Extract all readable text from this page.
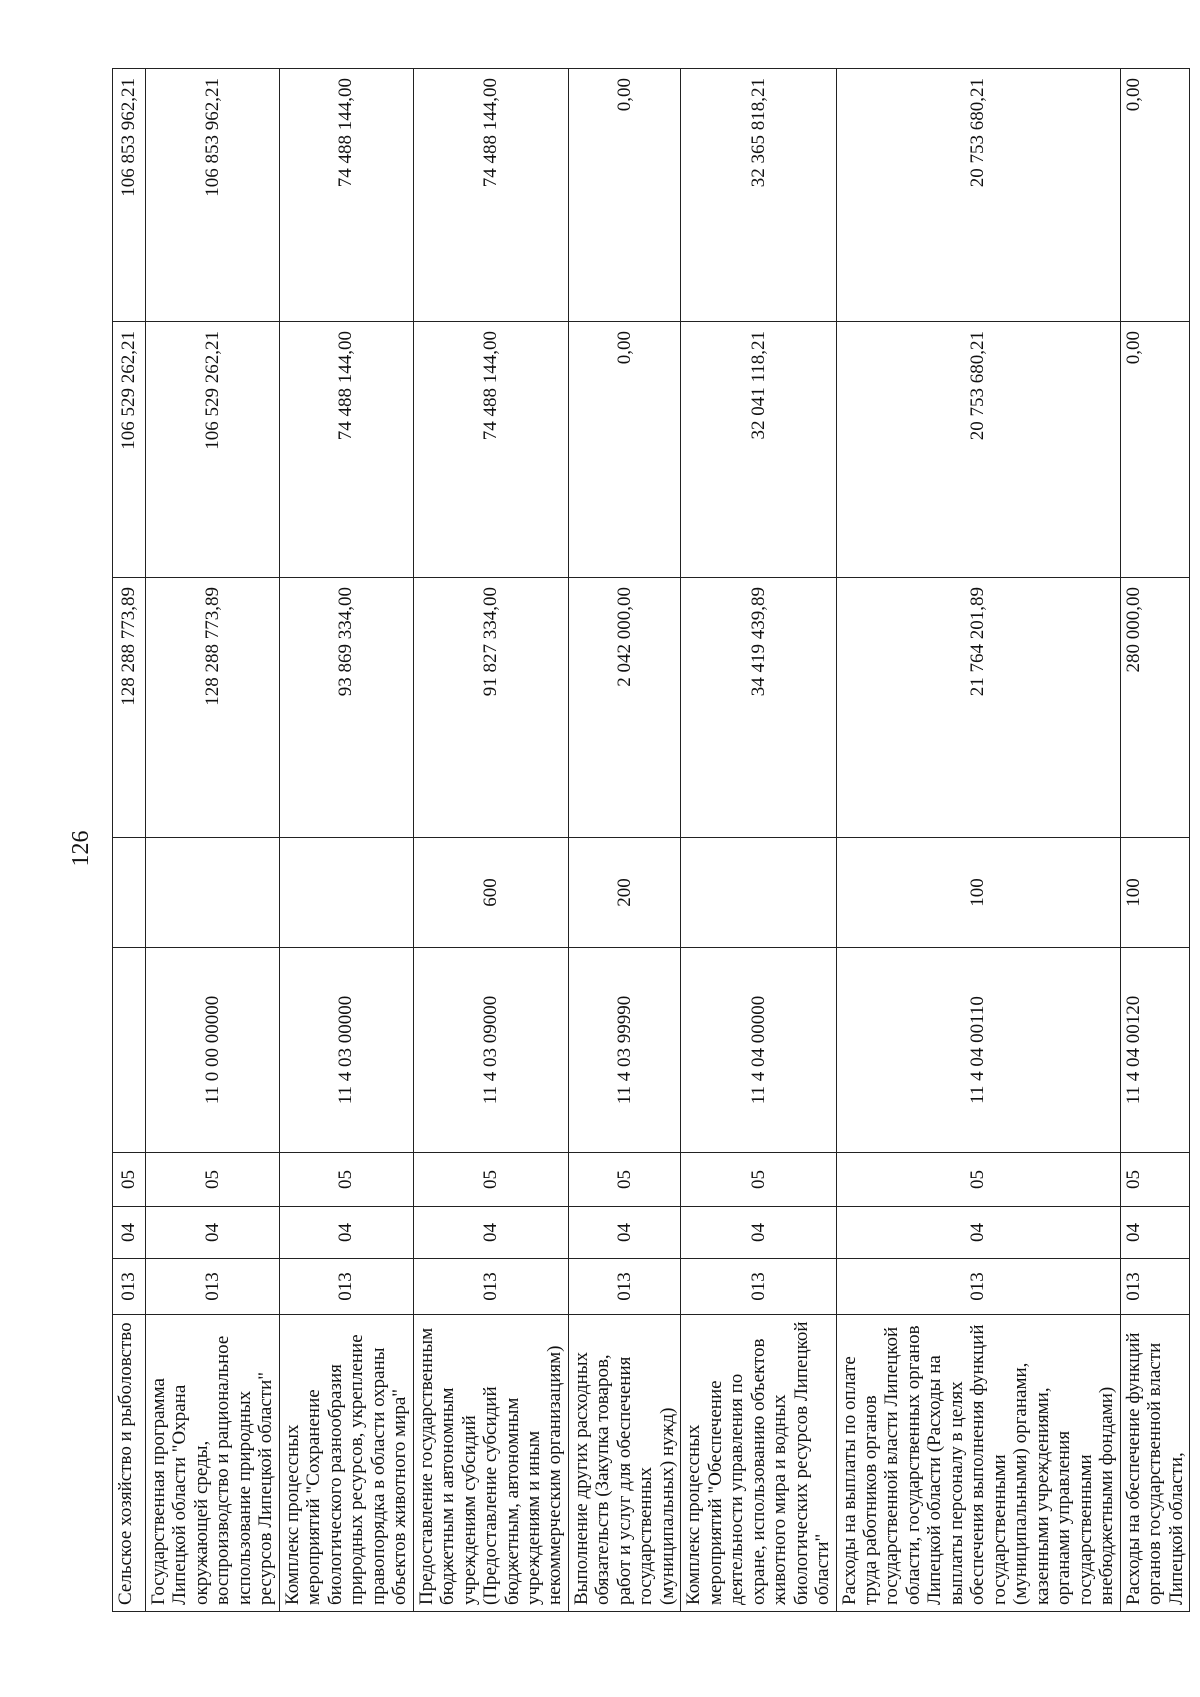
126
Сельское хозяйство и рыболовство	013	04	05			128 288 773,89	106 529 262,21	106 853 962,21
Государственная программа Липецкой области "Охрана окружающей среды, воспроизводство и рациональное использование природных ресурсов Липецкой области"	013	04	05	11 0 00 00000		128 288 773,89	106 529 262,21	106 853 962,21
Комплекс процессных мероприятий "Сохранение биологического разнообразия природных ресурсов, укрепление правопорядка в области охраны объектов животного мира"	013	04	05	11 4 03 00000		93 869 334,00	74 488 144,00	74 488 144,00
Предоставление государственным бюджетным и автономным учреждениям субсидий (Предоставление субсидий бюджетным, автономным учреждениям и иным некоммерческим организациям)	013	04	05	11 4 03 09000	600	91 827 334,00	74 488 144,00	74 488 144,00
Выполнение других расходных обязательств (Закупка товаров, работ и услуг для обеспечения государственных (муниципальных) нужд)	013	04	05	11 4 03 99990	200	2 042 000,00	0,00	0,00
Комплекс процессных мероприятий "Обеспечение деятельности управления по охране, использованию объектов животного мира и водных биологических ресурсов Липецкой области"	013	04	05	11 4 04 00000		34 419 439,89	32 041 118,21	32 365 818,21
Расходы на выплаты по оплате труда работников органов государственной власти Липецкой области, государственных органов Липецкой области (Расходы на выплаты персоналу в целях обеспечения выполнения функций государственными (муниципальными) органами, казенными учреждениями, органами управления государственными внебюджетными фондами)	013	04	05	11 4 04 00110	100	21 764 201,89	20 753 680,21	20 753 680,21
Расходы на обеспечение функций органов государственной власти Липецкой области,	013	04	05	11 4 04 00120	100	280 000,00	0,00	0,00
